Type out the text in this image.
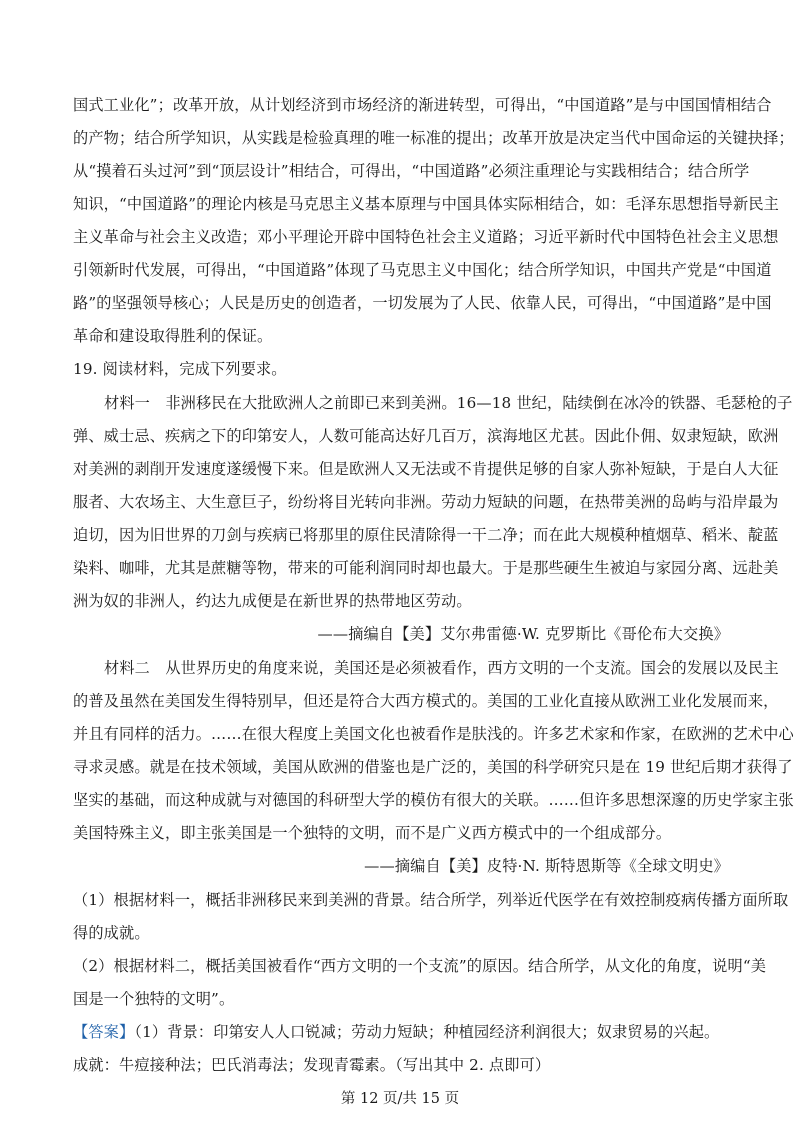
国式工业化”；改革开放，从计划经济到市场经济的渐进转型，可得出，“中国道路”是与中国国情相结合
的产物；结合所学知识，从实践是检验真理的唯一标准的提出；改革开放是决定当代中国命运的关键抉择；
从“摸着石头过河”到“顶层设计”相结合，可得出，“中国道路”必须注重理论与实践相结合；结合所学
知识，“中国道路”的理论内核是马克思主义基本原理与中国具体实际相结合，如：毛泽东思想指导新民主
主义革命与社会主义改造；邓小平理论开辟中国特色社会主义道路；习近平新时代中国特色社会主义思想
引领新时代发展，可得出，“中国道路”体现了马克思主义中国化；结合所学知识，中国共产党是“中国道
路”的坚强领导核心；人民是历史的创造者，一切发展为了人民、依靠人民，可得出，“中国道路”是中国
革命和建设取得胜利的保证。
19. 阅读材料，完成下列要求。
材料一　非洲移民在大批欧洲人之前即已来到美洲。16—18 世纪，陆续倒在冰冷的铁器、毛瑟枪的子
弹、威士忌、疾病之下的印第安人，人数可能高达好几百万，滨海地区尤甚。因此仆佣、奴隶短缺，欧洲
对美洲的剥削开发速度遂缓慢下来。但是欧洲人又无法或不肯提供足够的自家人弥补短缺，于是白人大征
服者、大农场主、大生意巨子，纷纷将目光转向非洲。劳动力短缺的问题，在热带美洲的岛屿与沿岸最为
迫切，因为旧世界的刀剑与疾病已将那里的原住民清除得一干二净；而在此大规模种植烟草、稻米、靛蓝
染料、咖啡，尤其是蔗糖等物，带来的可能利润同时却也最大。于是那些硬生生被迫与家园分离、远赴美
洲为奴的非洲人，约达九成便是在新世界的热带地区劳动。
——摘编自【美】艾尔弗雷德·W. 克罗斯比《哥伦布大交换》
材料二　从世界历史的角度来说，美国还是必须被看作，西方文明的一个支流。国会的发展以及民主
的普及虽然在美国发生得特别早，但还是符合大西方模式的。美国的工业化直接从欧洲工业化发展而来，
并且有同样的活力。……在很大程度上美国文化也被看作是肤浅的。许多艺术家和作家，在欧洲的艺术中心
寻求灵感。就是在技术领域，美国从欧洲的借鉴也是广泛的，美国的科学研究只是在 19 世纪后期才获得了
坚实的基础，而这种成就与对德国的科研型大学的模仿有很大的关联。……但许多思想深邃的历史学家主张
美国特殊主义，即主张美国是一个独特的文明，而不是广义西方模式中的一个组成部分。
——摘编自【美】皮特·N. 斯特恩斯等《全球文明史》
（1）根据材料一，概括非洲移民来到美洲的背景。结合所学，列举近代医学在有效控制疫病传播方面所取
得的成就。
（2）根据材料二，概括美国被看作“西方文明的一个支流”的原因。结合所学，从文化的角度，说明“美
国是一个独特的文明”。
【答案】（1）背景：印第安人人口锐减；劳动力短缺；种植园经济利润很大；奴隶贸易的兴起。
成就：牛痘接种法；巴氏消毒法；发现青霉素。（写出其中 2. 点即可）
第 12 页/共 15 页
